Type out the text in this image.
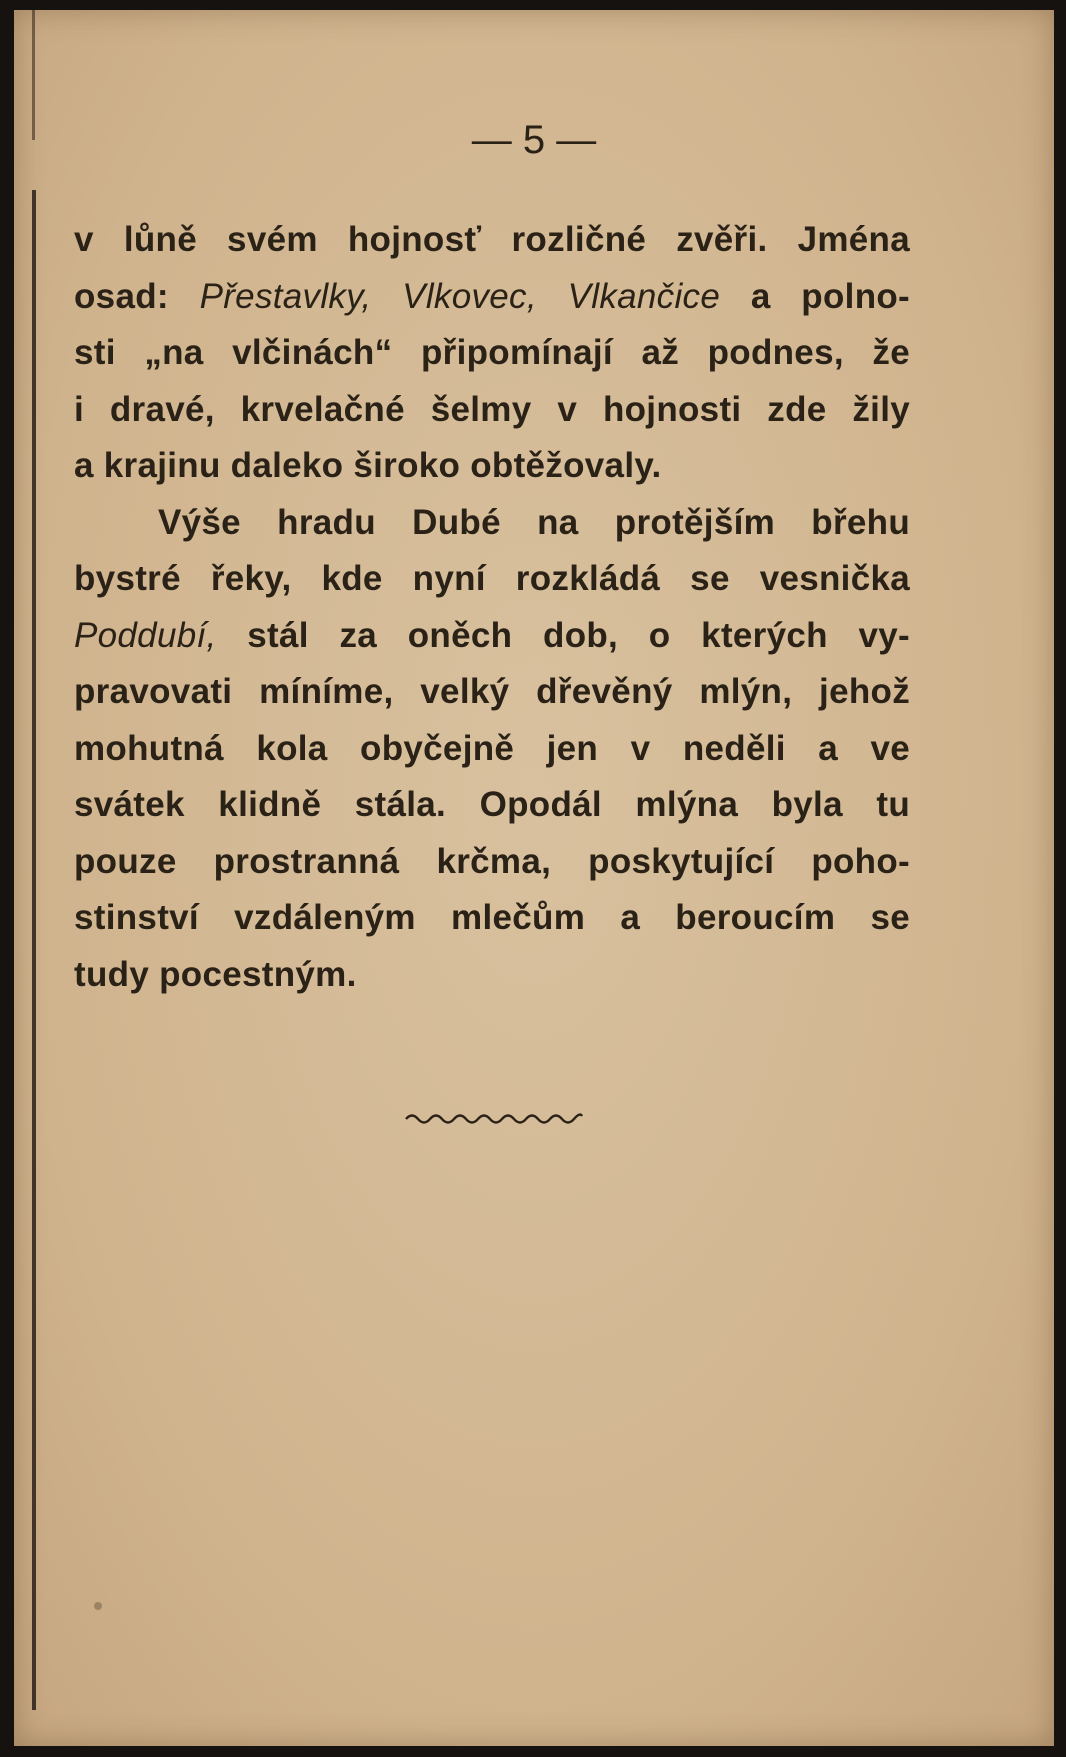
— 5 —
v lůně svém hojnosť rozličné zvěři. Jména
osad: Přestavlky, Vlkovec, Vlkančice a polno-
sti „na vlčinách“ připomínají až podnes, že
i dravé, krvelačné šelmy v hojnosti zde žily
a krajinu daleko široko obtěžovaly.
Výše hradu Dubé na protějším břehu
bystré řeky, kde nyní rozkládá se vesnička
Poddubí, stál za oněch dob, o kterých vy-
pravovati míníme, velký dřevěný mlýn, jehož
mohutná kola obyčejně jen v neděli a ve
svátek klidně stála. Opodál mlýna byla tu
pouze prostranná krčma, poskytující poho-
stinství vzdáleným mlečům a beroucím se
tudy pocestným.
